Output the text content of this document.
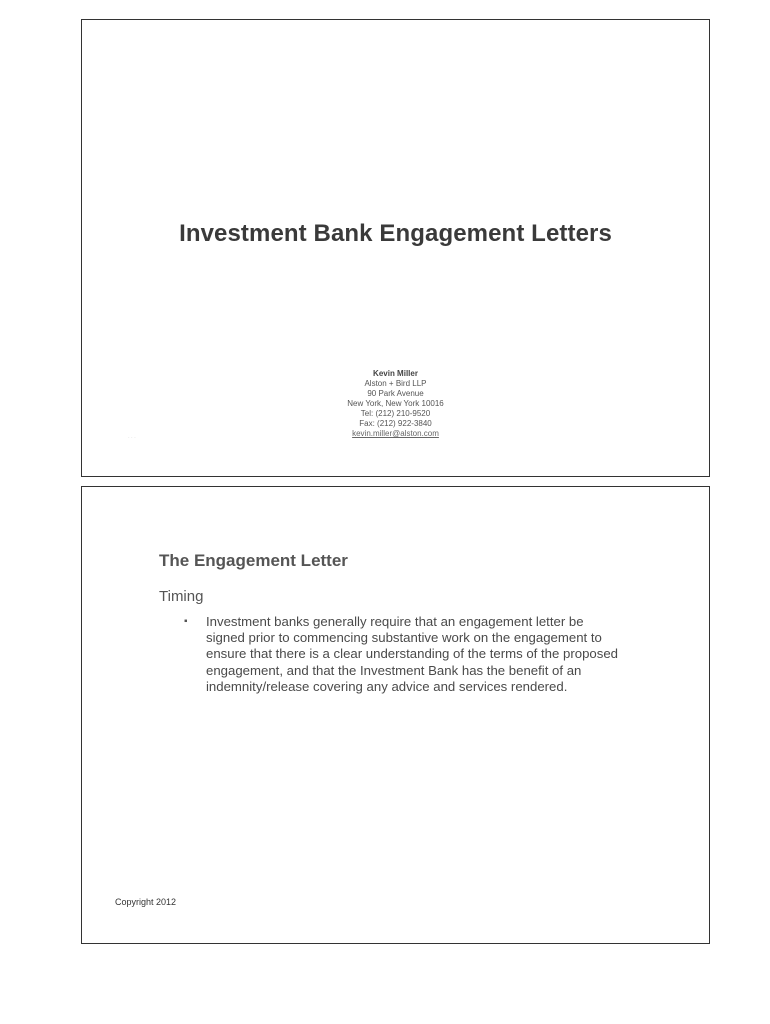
Investment Bank Engagement Letters
Kevin Miller
Alston + Bird LLP
90 Park Avenue
New York, New York 10016
Tel: (212) 210-9520
Fax: (212) 922-3840
kevin.miller@alston.com
· · ·
The Engagement Letter
Timing
▪	Investment banks generally require that an engagement letter be signed prior to commencing substantive work on the engagement to ensure that there is a clear understanding of the terms of the proposed engagement, and that the Investment Bank has the benefit of an indemnity/release covering any advice and services rendered.
Copyright 2012
